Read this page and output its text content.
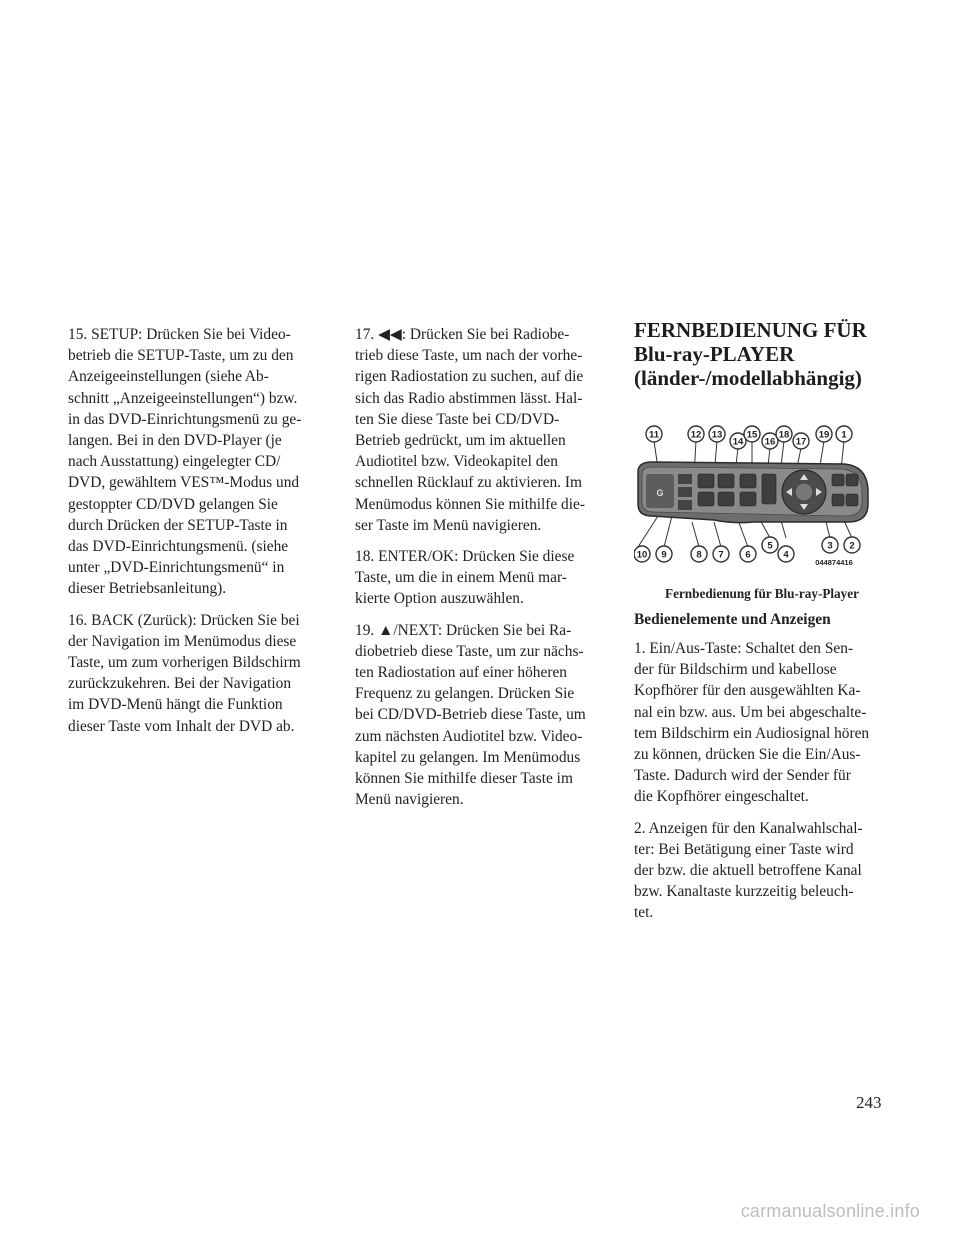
15. SETUP: Drücken Sie bei Video-
betrieb die SETUP-Taste, um zu den
Anzeigeeinstellungen (siehe Ab-
schnitt „Anzeigeeinstellungen“) bzw.
in das DVD-Einrichtungsmenü zu ge-
langen. Bei in den DVD-Player (je
nach Ausstattung) eingelegter CD/
DVD, gewähltem VES™-Modus und
gestoppter CD/DVD gelangen Sie
durch Drücken der SETUP-Taste in
das DVD-Einrichtungsmenü. (siehe
unter „DVD-Einrichtungsmenü“ in
dieser Betriebsanleitung).

16. BACK (Zurück): Drücken Sie bei
der Navigation im Menümodus diese
Taste, um zum vorherigen Bildschirm
zurückzukehren. Bei der Navigation
im DVD-Menü hängt die Funktion
dieser Taste vom Inhalt der DVD ab.

17. ◀◀: Drücken Sie bei Radiobe-
trieb diese Taste, um nach der vorhe-
rigen Radiostation zu suchen, auf die
sich das Radio abstimmen lässt. Hal-
ten Sie diese Taste bei CD/DVD-
Betrieb gedrückt, um im aktuellen
Audiotitel bzw. Videokapitel den
schnellen Rücklauf zu aktivieren. Im
Menümodus können Sie mithilfe die-
ser Taste im Menü navigieren.

18. ENTER/OK: Drücken Sie diese
Taste, um die in einem Menü mar-
kierte Option auszuwählen.

19. ▲/NEXT: Drücken Sie bei Ra-
diobetrieb diese Taste, um zur nächs-
ten Radiostation auf einer höheren
Frequenz zu gelangen. Drücken Sie
bei CD/DVD-Betrieb diese Taste, um
zum nächsten Audiotitel bzw. Video-
kapitel zu gelangen. Im Menümodus
können Sie mithilfe dieser Taste im
Menü navigieren.

FERNBEDIENUNG FÜR
Blu-ray-PLAYER
(länder-/modellabhängig)
G
11	12 13
14
15
16
18
17
19 1
10 9	8 7 6
5
4
3 2
044874416
Fernbedienung für Blu-ray-Player
Bedienelemente und Anzeigen

1. Ein/Aus-Taste: Schaltet den Sen-
der für Bildschirm und kabellose
Kopfhörer für den ausgewählten Ka-
nal ein bzw. aus. Um bei abgeschalte-
tem Bildschirm ein Audiosignal hören
zu können, drücken Sie die Ein/Aus-
Taste. Dadurch wird der Sender für
die Kopfhörer eingeschaltet.

2. Anzeigen für den Kanalwahlschal-
ter: Bei Betätigung einer Taste wird
der bzw. die aktuell betroffene Kanal
bzw. Kanaltaste kurzzeitig beleuch-
tet.

243
carmanualsonline.info
